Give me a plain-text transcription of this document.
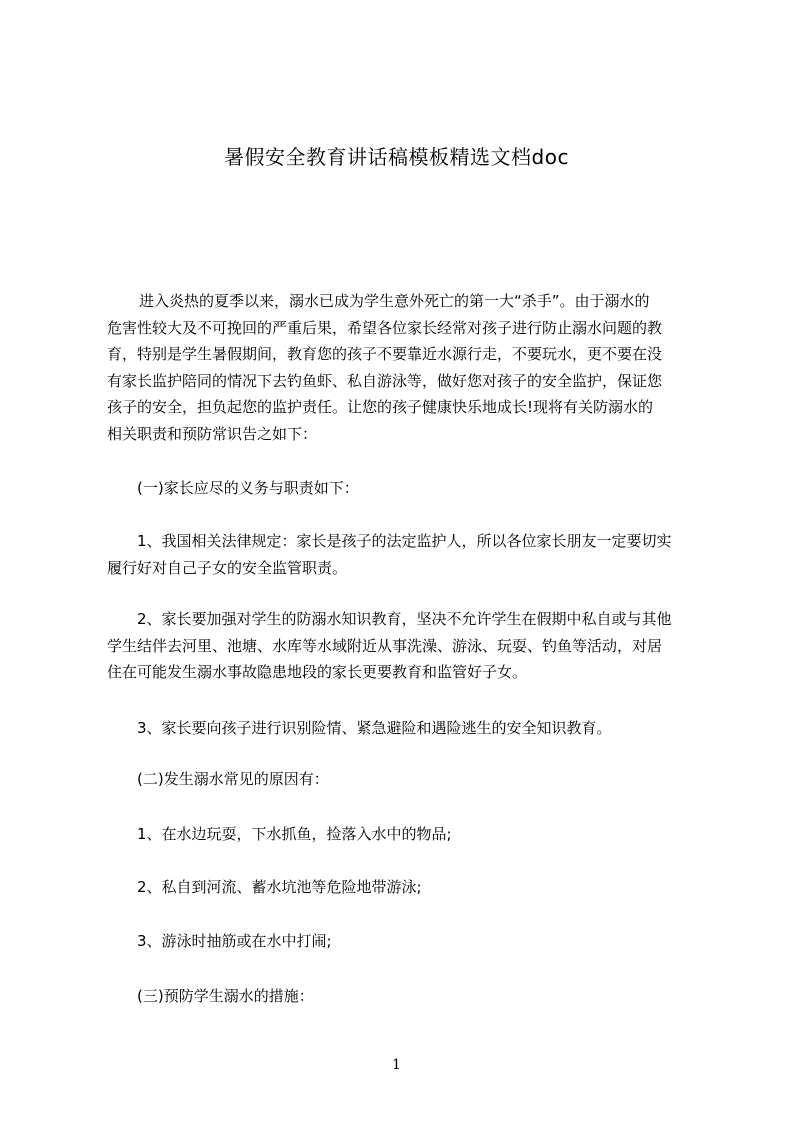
暑假安全教育讲话稿模板精选文档doc
进入炎热的夏季以来，溺水已成为学生意外死亡的第一大“杀手”。由于溺水的
危害性较大及不可挽回的严重后果，希望各位家长经常对孩子进行防止溺水问题的教
育，特别是学生暑假期间，教育您的孩子不要靠近水源行走，不要玩水，更不要在没
有家长监护陪同的情况下去钓鱼虾、私自游泳等，做好您对孩子的安全监护，保证您
孩子的安全，担负起您的监护责任。让您的孩子健康快乐地成长!现将有关防溺水的
相关职责和预防常识告之如下：
(一)家长应尽的义务与职责如下：
1、我国相关法律规定：家长是孩子的法定监护人，所以各位家长朋友一定要切实
履行好对自己子女的安全监管职责。
2、家长要加强对学生的防溺水知识教育，坚决不允许学生在假期中私自或与其他
学生结伴去河里、池塘、水库等水域附近从事洗澡、游泳、玩耍、钓鱼等活动，对居
住在可能发生溺水事故隐患地段的家长更要教育和监管好子女。
3、家长要向孩子进行识别险情、紧急避险和遇险逃生的安全知识教育。
(二)发生溺水常见的原因有：
1、在水边玩耍，下水抓鱼，捡落入水中的物品;
2、私自到河流、蓄水坑池等危险地带游泳;
3、游泳时抽筋或在水中打闹;
(三)预防学生溺水的措施：
1
